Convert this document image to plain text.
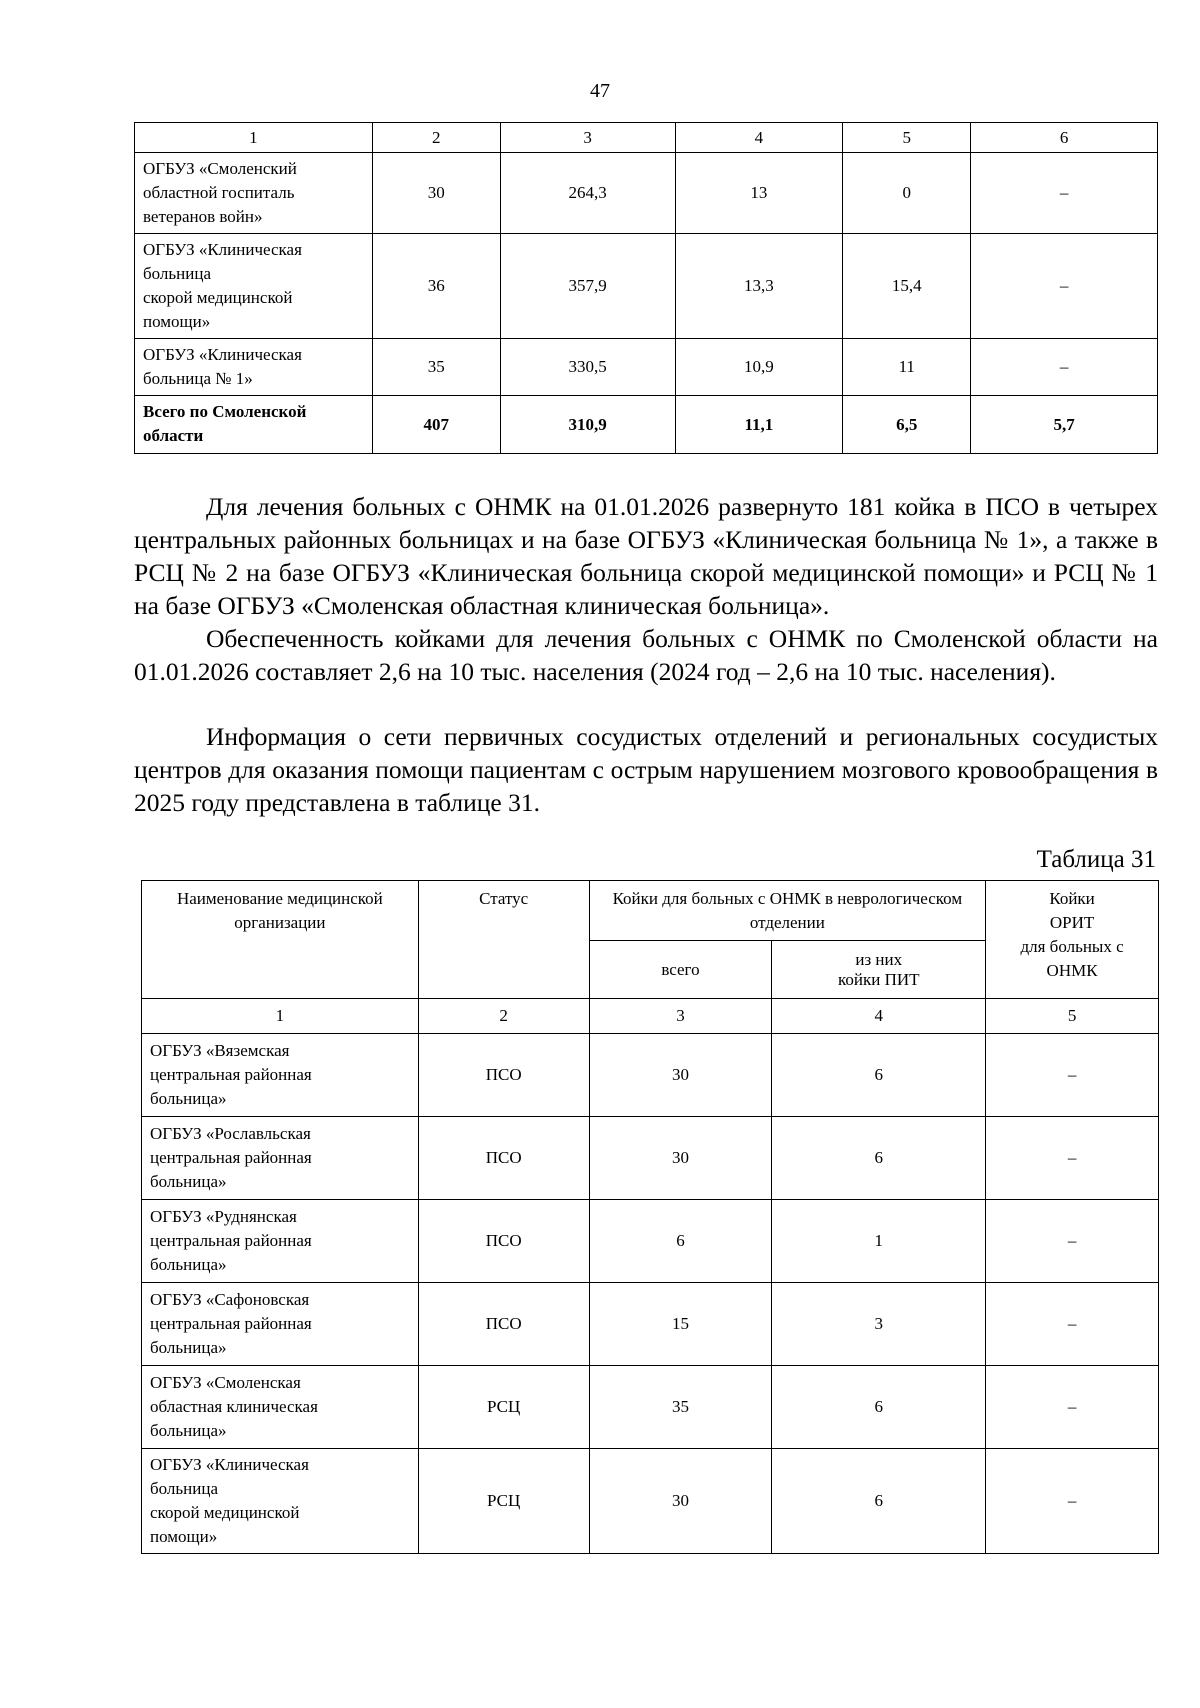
47
1	2	3	4	5	6
ОГБУЗ «Смоленский
областной госпиталь
ветеранов войн»	30	264,3	13	0	–
ОГБУЗ «Клиническая
больница
скорой медицинской
помощи»	36	357,9	13,3	15,4	–
ОГБУЗ «Клиническая
больница № 1»	35	330,5	10,9	11	–
Всего по Смоленской
области	407	310,9	11,1	6,5	5,7

Для лечения больных с ОНМК на 01.01.2026 развернуто 181 койка в ПСО в четырех центральных районных больницах и на базе ОГБУЗ «Клиническая больница № 1», а также в РСЦ № 2 на базе ОГБУЗ «Клиническая больница скорой медицинской помощи» и РСЦ № 1 на базе ОГБУЗ «Смоленская областная клиническая больница».

Обеспеченность койками для лечения больных с ОНМК по Смоленской области на 01.01.2026 составляет 2,6 на 10 тыс. населения (2024 год – 2,6 на 10 тыс. населения).

Информация о сети первичных сосудистых отделений и региональных сосудистых центров для оказания помощи пациентам с острым нарушением мозгового кровообращения в 2025 году представлена в таблице 31.

Таблица 31
Наименование медицинской организации	Статус	Койки для больных с ОНМК в неврологическом отделении		Койки
ОРИТ
для больных с
ОНМК
		всего	из них
койки ПИТ	
1	2	3	4	5
ОГБУЗ «Вяземская
центральная районная
больница»	ПСО	30	6	–
ОГБУЗ «Рославльская
центральная районная
больница»	ПСО	30	6	–
ОГБУЗ «Руднянская
центральная районная
больница»	ПСО	6	1	–
ОГБУЗ «Сафоновская
центральная районная
больница»	ПСО	15	3	–
ОГБУЗ «Смоленская
областная клиническая
больница»	РСЦ	35	6	–
ОГБУЗ «Клиническая
больница
скорой медицинской
помощи»	РСЦ	30	6	–
